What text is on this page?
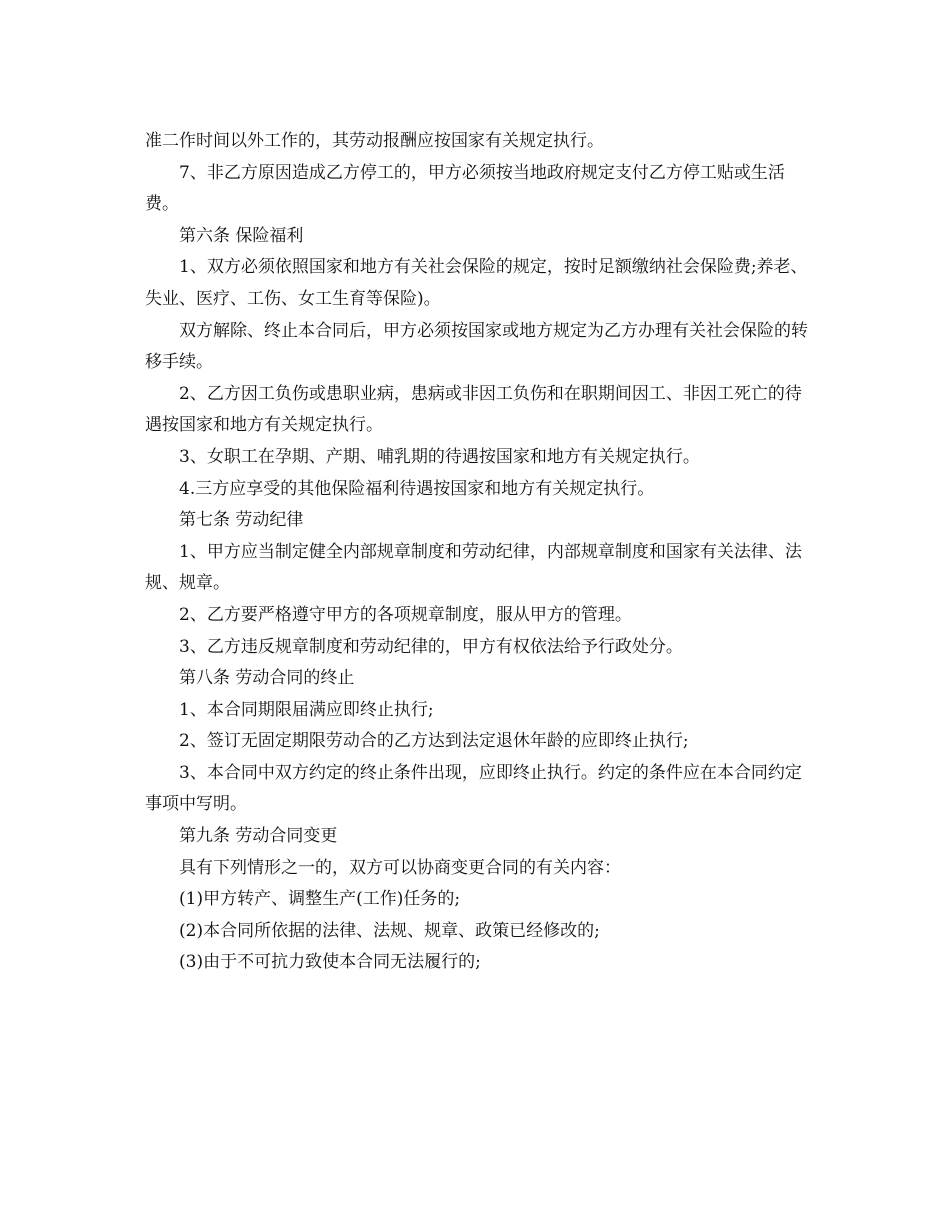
准二作时间以外工作的，其劳动报酬应按国家有关规定执行。

7、非乙方原因造成乙方停工的，甲方必须按当地政府规定支付乙方停工贴或生活费。

第六条 保险福利

1、双方必须依照国家和地方有关社会保险的规定，按时足额缴纳社会保险费;养老、失业、医疗、工伤、女工生育等保险)。

双方解除、终止本合同后，甲方必须按国家或地方规定为乙方办理有关社会保险的转移手续。

2、乙方因工负伤或患职业病，患病或非因工负伤和在职期间因工、非因工死亡的待遇按国家和地方有关规定执行。

3、女职工在孕期、产期、哺乳期的待遇按国家和地方有关规定执行。

4.三方应享受的其他保险福利待遇按国家和地方有关规定执行。

第七条 劳动纪律

1、甲方应当制定健全内部规章制度和劳动纪律，内部规章制度和国家有关法律、法规、规章。

2、乙方要严格遵守甲方的各项规章制度，服从甲方的管理。

3、乙方违反规章制度和劳动纪律的，甲方有权依法给予行政处分。

第八条 劳动合同的终止

1、本合同期限届满应即终止执行;

2、签订无固定期限劳动合的乙方达到法定退休年龄的应即终止执行;

3、本合同中双方约定的终止条件出现，应即终止执行。约定的条件应在本合同约定事项中写明。

第九条 劳动合同变更

具有下列情形之一的，双方可以协商变更合同的有关内容：

(1)甲方转产、调整生产(工作)任务的;

(2)本合同所依据的法律、法规、规章、政策已经修改的;

(3)由于不可抗力致使本合同无法履行的;
